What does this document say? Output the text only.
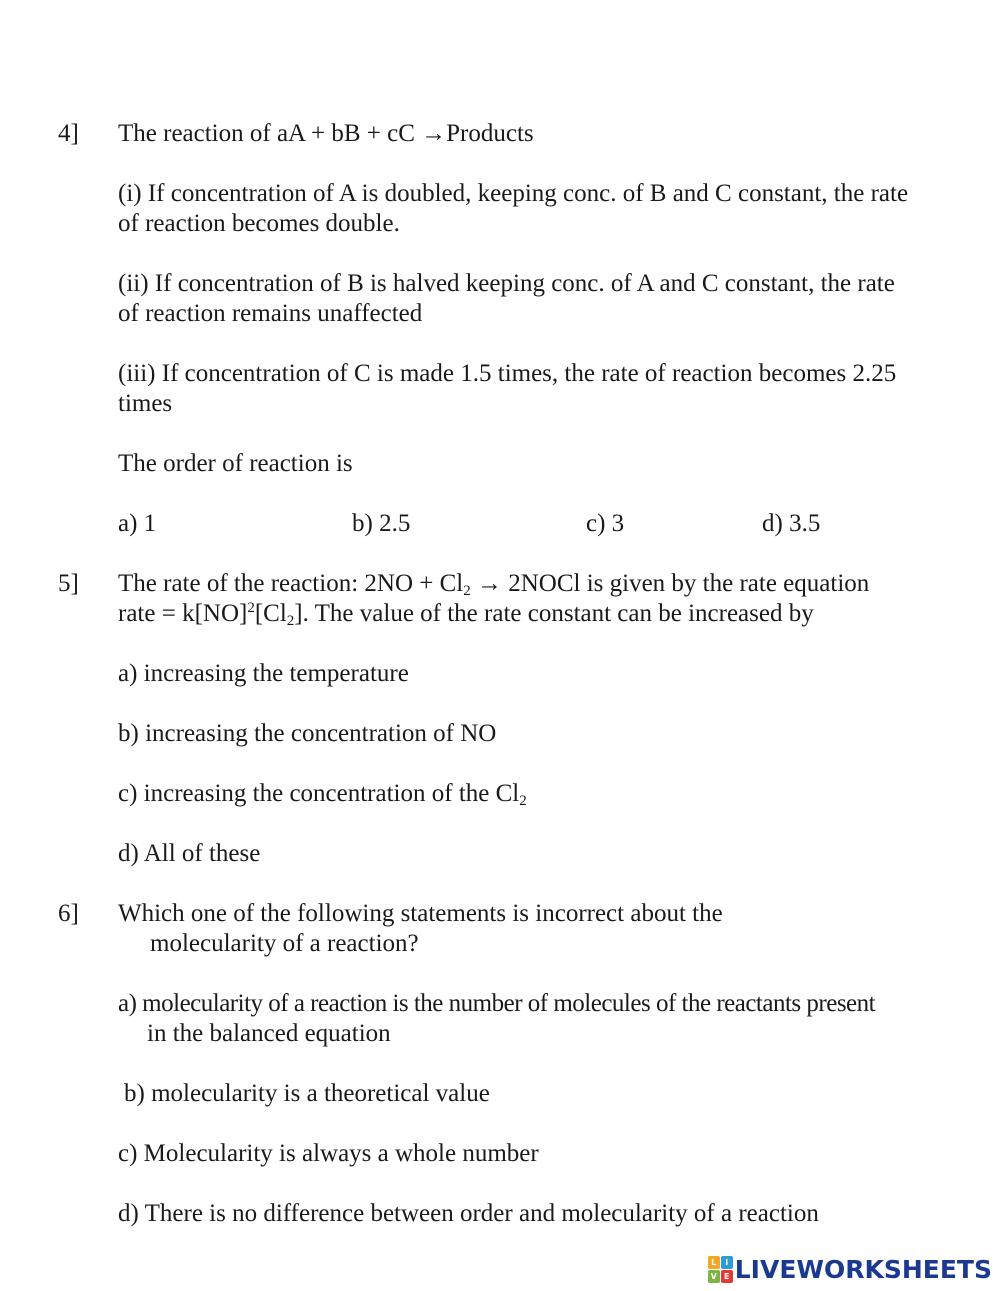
4] The reaction of aA + bB + cC →Products
(i) If concentration of A is doubled, keeping conc. of B and C constant, the rate
of reaction becomes double.
(ii) If concentration of B is halved keeping conc. of A and C constant, the rate
of reaction remains unaffected
(iii) If concentration of C is made 1.5 times, the rate of reaction becomes 2.25
times
The order of reaction is
a) 1	b) 2.5	c) 3	d) 3.5
5] The rate of the reaction: $2NO + Cl_2$ → 2NOCl is given by the rate equation
rate = $k[NO]^2[Cl_2]$. The value of the rate constant can be increased by
a) increasing the temperature
b) increasing the concentration of NO
c) increasing the concentration of the $Cl_2$
d) All of these
6] Which one of the following statements is incorrect about the
molecularity of a reaction?
a) molecularity of a reaction is the number of molecules of the reactants present
in the balanced equation
b) molecularity is a theoretical value
c) Molecularity is always a whole number
d) There is no difference between order and molecularity of a reaction
L	I
V E LIVEWORKSHEETS
